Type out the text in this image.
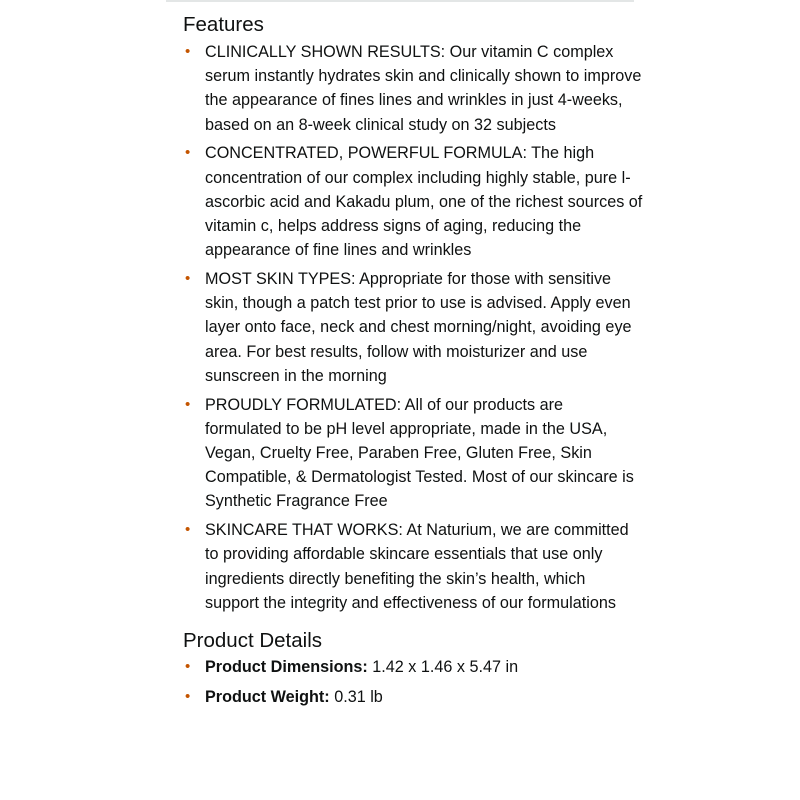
Features
• CLINICALLY SHOWN RESULTS: Our vitamin C complex serum instantly hydrates skin and clinically shown to improve the appearance of fines lines and wrinkles in just 4-weeks, based on an 8-week clinical study on 32 subjects
• CONCENTRATED, POWERFUL FORMULA: The high concentration of our complex including highly stable, pure l-ascorbic acid and Kakadu plum, one of the richest sources of vitamin c, helps address signs of aging, reducing the appearance of fine lines and wrinkles
• MOST SKIN TYPES: Appropriate for those with sensitive skin, though a patch test prior to use is advised. Apply even layer onto face, neck and chest morning/night, avoiding eye area. For best results, follow with moisturizer and use sunscreen in the morning
• PROUDLY FORMULATED: All of our products are formulated to be pH level appropriate, made in the USA, Vegan, Cruelty Free, Paraben Free, Gluten Free, Skin Compatible, & Dermatologist Tested. Most of our skincare is Synthetic Fragrance Free
• SKINCARE THAT WORKS: At Naturium, we are committed to providing affordable skincare essentials that use only ingredients directly benefiting the skin’s health, which support the integrity and effectiveness of our formulations
Product Details
• Product Dimensions: 1.42 x 1.46 x 5.47 in
• Product Weight: 0.31 lb
